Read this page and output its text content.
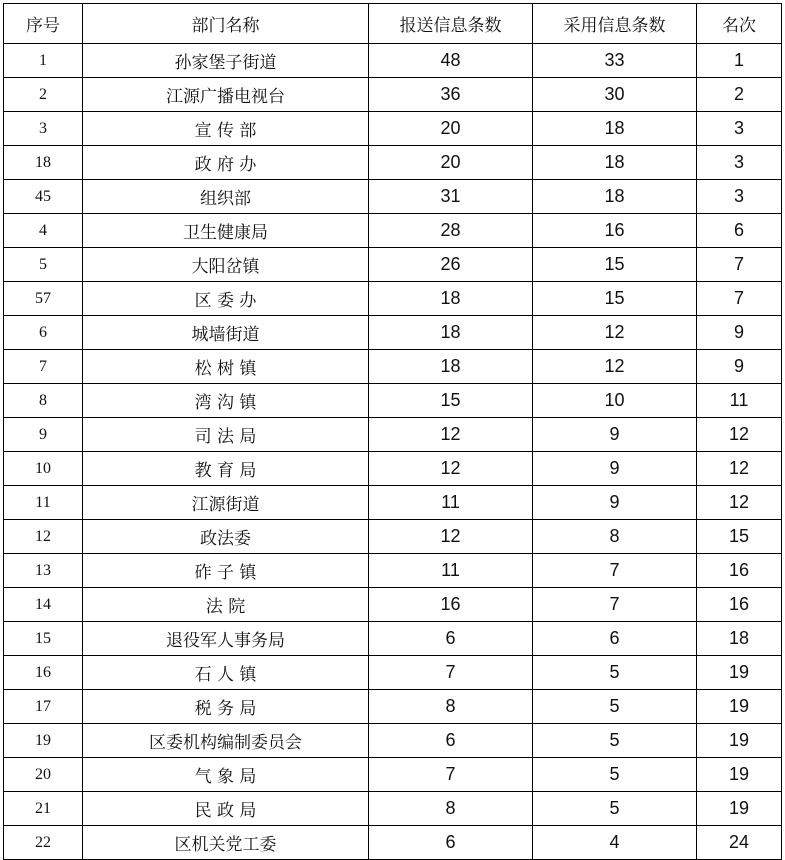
序号	部门名称	报送信息条数	采用信息条数	名次
1	孙家堡子街道	48	33	1
2	江源广播电视台	36	30	2
3	宣 传 部	20	18	3
18	政 府 办	20	18	3
45	组织部	31	18	3
4	卫生健康局	28	16	6
5	大阳岔镇	26	15	7
57	区 委 办	18	15	7
6	城墙街道	18	12	9
7	松 树 镇	18	12	9
8	湾 沟 镇	15	10	11
9	司 法 局	12	9	12
10	教 育 局	12	9	12
11	江源街道	11	9	12
12	政法委	12	8	15
13	砟 子 镇	11	7	16
14	法 院	16	7	16
15	退役军人事务局	6	6	18
16	石 人 镇	7	5	19
17	税 务 局	8	5	19
19	区委机构编制委员会	6	5	19
20	气 象 局	7	5	19
21	民 政 局	8	5	19
22	区机关党工委	6	4	24
